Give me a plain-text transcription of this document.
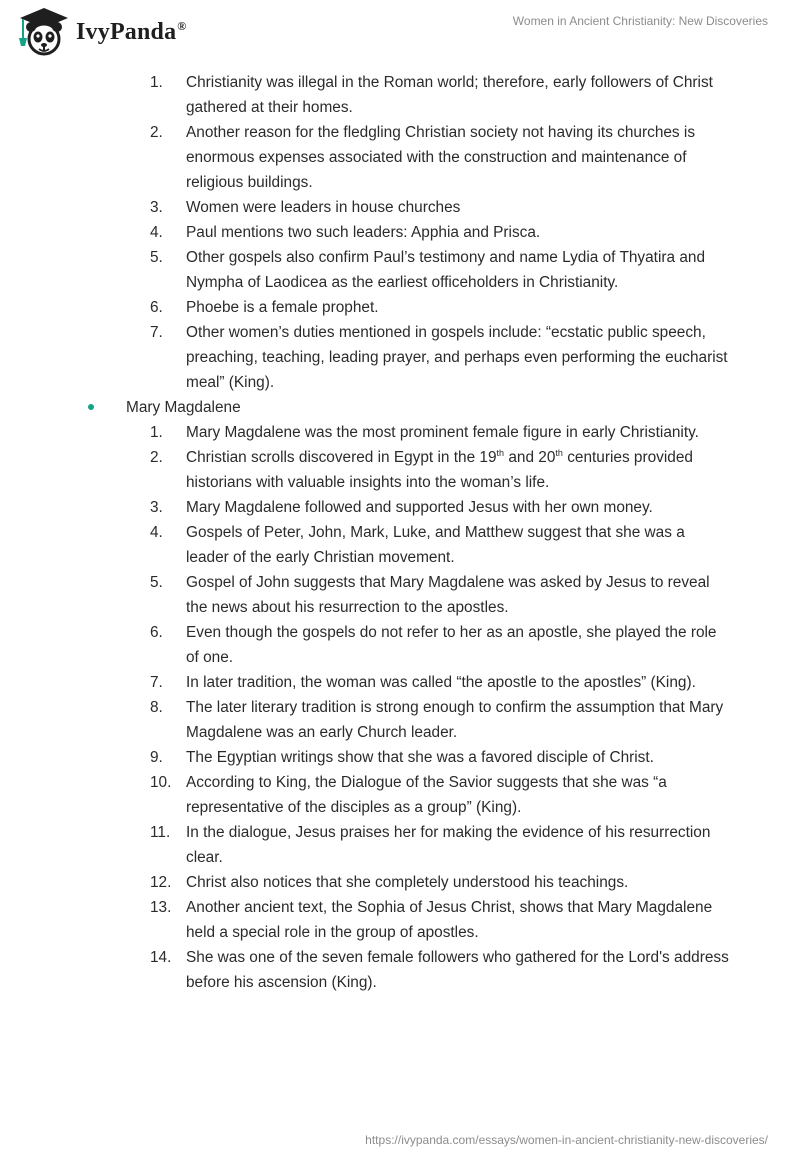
IvyPanda®	Women in Ancient Christianity: New Discoveries
1. Christianity was illegal in the Roman world; therefore, early followers of Christ gathered at their homes.
2. Another reason for the fledgling Christian society not having its churches is enormous expenses associated with the construction and maintenance of religious buildings.
3. Women were leaders in house churches
4. Paul mentions two such leaders: Apphia and Prisca.
5. Other gospels also confirm Paul’s testimony and name Lydia of Thyatira and Nympha of Laodicea as the earliest officeholders in Christianity.
6. Phoebe is a female prophet.
7. Other women’s duties mentioned in gospels include: “ecstatic public speech, preaching, teaching, leading prayer, and perhaps even performing the eucharist meal” (King).
Mary Magdalene
1. Mary Magdalene was the most prominent female figure in early Christianity.
2. Christian scrolls discovered in Egypt in the 19th and 20th centuries provided historians with valuable insights into the woman’s life.
3. Mary Magdalene followed and supported Jesus with her own money.
4. Gospels of Peter, John, Mark, Luke, and Matthew suggest that she was a leader of the early Christian movement.
5. Gospel of John suggests that Mary Magdalene was asked by Jesus to reveal the news about his resurrection to the apostles.
6. Even though the gospels do not refer to her as an apostle, she played the role of one.
7. In later tradition, the woman was called “the apostle to the apostles” (King).
8. The later literary tradition is strong enough to confirm the assumption that Mary Magdalene was an early Church leader.
9. The Egyptian writings show that she was a favored disciple of Christ.
10. According to King, the Dialogue of the Savior suggests that she was “a representative of the disciples as a group” (King).
11. In the dialogue, Jesus praises her for making the evidence of his resurrection clear.
12. Christ also notices that she completely understood his teachings.
13. Another ancient text, the Sophia of Jesus Christ, shows that Mary Magdalene held a special role in the group of apostles.
14. She was one of the seven female followers who gathered for the Lord's address before his ascension (King).
https://ivypanda.com/essays/women-in-ancient-christianity-new-discoveries/
